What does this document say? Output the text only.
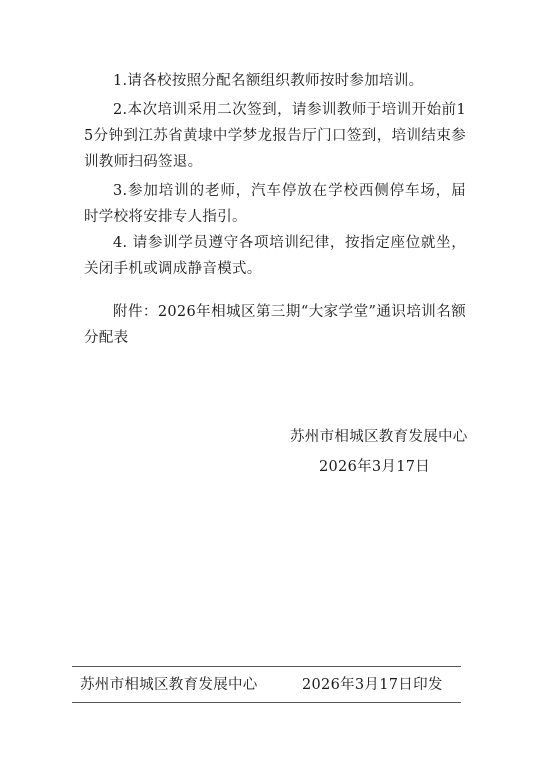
1.请各校按照分配名额组织教师按时参加培训。

2.本次培训采用二次签到，请参训教师于培训开始前15分钟到江苏省黄埭中学梦龙报告厅门口签到，培训结束参训教师扫码签退。

3.参加培训的老师，汽车停放在学校西侧停车场，届时学校将安排专人指引。

4. 请参训学员遵守各项培训纪律，按指定座位就坐，关闭手机或调成静音模式。

附件：2026年相城区第三期“大家学堂”通识培训名额分配表

苏州市相城区教育发展中心
2026年3月17日
苏州市相城区教育发展中心	2026年3月17日印发
